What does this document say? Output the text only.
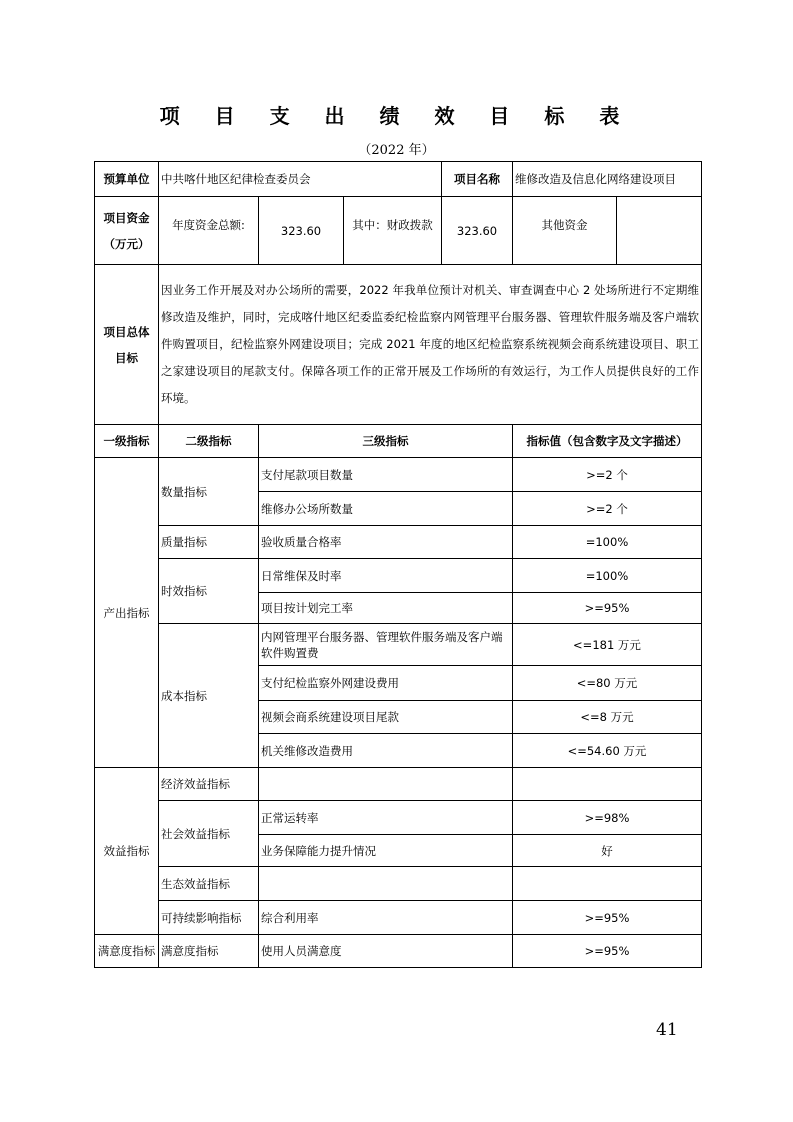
项 目 支 出 绩 效 目 标 表
（2022 年）
预算单位	中共喀什地区纪律检查委员会			项目名称	维修改造及信息化网络建设项目	
项目资金
（万元）	年度资金总额:	323.60	其中：财政拨款	323.60	其他资金	
项目总体目标	因业务工作开展及对办公场所的需要，2022 年我单位预计对机关、审查调查中心 2 处场所进行不定期维修改造及维护，同时，完成喀什地区纪委监委纪检监察内网管理平台服务器、管理软件服务端及客户端软件购置项目，纪检监察外网建设项目；完成 2021 年度的地区纪检监察系统视频会商系统建设项目、职工之家建设项目的尾款支付。保障各项工作的正常开展及工作场所的有效运行，为工作人员提供良好的工作环境。					
一级指标	二级指标	三级指标			指标值（包含数字及文字描述）	
产出指标	数量指标	支付尾款项目数量			>=2 个	
		维修办公场所数量			>=2 个	
	质量指标	验收质量合格率			=100%	
	时效指标	日常维保及时率			=100%	
		项目按计划完工率			>=95%	
	成本指标	内网管理平台服务器、管理软件服务端及客户端软件购置费			<=181 万元	
		支付纪检监察外网建设费用			<=80 万元	
		视频会商系统建设项目尾款			<=8 万元	
		机关维修改造费用			<=54.60 万元	
效益指标	经济效益指标					
	社会效益指标	正常运转率			>=98%	
		业务保障能力提升情况			好	
	生态效益指标					
	可持续影响指标	综合利用率			>=95%	
满意度指标	满意度指标	使用人员满意度			>=95%	
41
